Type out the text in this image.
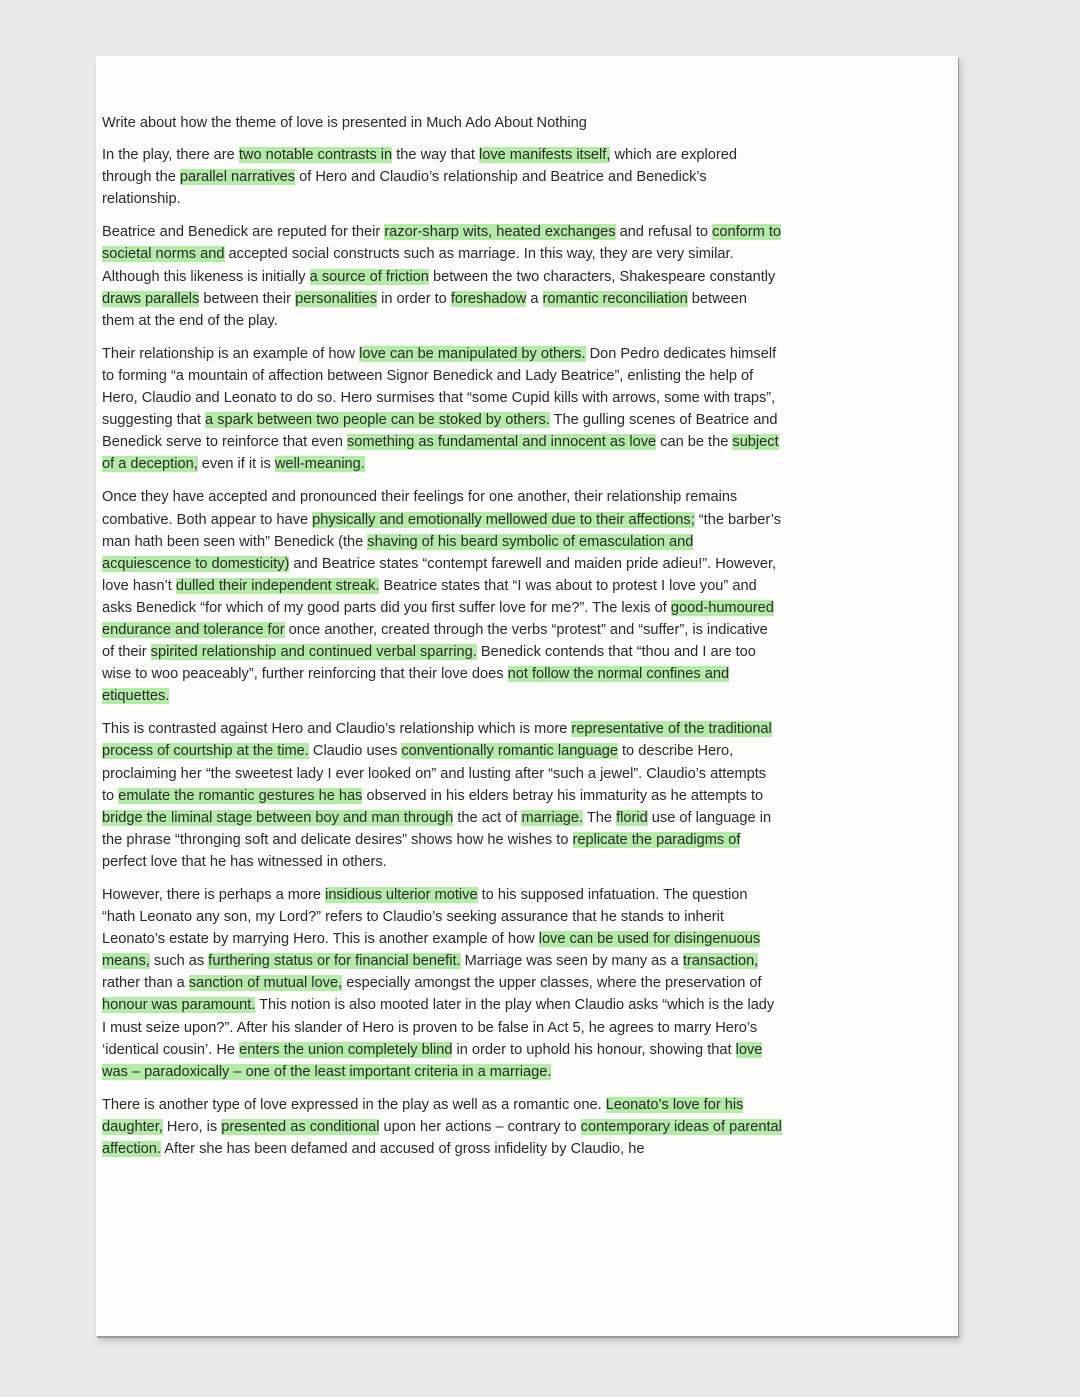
Write about how the theme of love is presented in Much Ado About Nothing

In the play, there are two notable contrasts in the way that love manifests itself, which are explored through the parallel narratives of Hero and Claudio’s relationship and Beatrice and Benedick’s relationship.

Beatrice and Benedick are reputed for their razor-sharp wits, heated exchanges and refusal to conform to societal norms and accepted social constructs such as marriage. In this way, they are very similar. Although this likeness is initially a source of friction between the two characters, Shakespeare constantly draws parallels between their personalities in order to foreshadow a romantic reconciliation between them at the end of the play.

Their relationship is an example of how love can be manipulated by others. Don Pedro dedicates himself to forming “a mountain of affection between Signor Benedick and Lady Beatrice”, enlisting the help of Hero, Claudio and Leonato to do so. Hero surmises that “some Cupid kills with arrows, some with traps”, suggesting that a spark between two people can be stoked by others. The gulling scenes of Beatrice and Benedick serve to reinforce that even something as fundamental and innocent as love can be the subject of a deception, even if it is well-meaning.

Once they have accepted and pronounced their feelings for one another, their relationship remains combative. Both appear to have physically and emotionally mellowed due to their affections; “the barber’s man hath been seen with” Benedick (the shaving of his beard symbolic of emasculation and acquiescence to domesticity) and Beatrice states “contempt farewell and maiden pride adieu!”. However, love hasn’t dulled their independent streak. Beatrice states that “I was about to protest I love you” and asks Benedick “for which of my good parts did you first suffer love for me?”. The lexis of good-humoured endurance and tolerance for once another, created through the verbs “protest” and “suffer”, is indicative of their spirited relationship and continued verbal sparring. Benedick contends that “thou and I are too wise to woo peaceably”, further reinforcing that their love does not follow the normal confines and etiquettes.

This is contrasted against Hero and Claudio’s relationship which is more representative of the traditional process of courtship at the time. Claudio uses conventionally romantic language to describe Hero, proclaiming her “the sweetest lady I ever looked on” and lusting after “such a jewel”. Claudio’s attempts to emulate the romantic gestures he has observed in his elders betray his immaturity as he attempts to bridge the liminal stage between boy and man through the act of marriage. The florid use of language in the phrase “thronging soft and delicate desires” shows how he wishes to replicate the paradigms of perfect love that he has witnessed in others.

However, there is perhaps a more insidious ulterior motive to his supposed infatuation. The question “hath Leonato any son, my Lord?” refers to Claudio’s seeking assurance that he stands to inherit Leonato’s estate by marrying Hero. This is another example of how love can be used for disingenuous means, such as furthering status or for financial benefit. Marriage was seen by many as a transaction, rather than a sanction of mutual love, especially amongst the upper classes, where the preservation of honour was paramount. This notion is also mooted later in the play when Claudio asks “which is the lady I must seize upon?”. After his slander of Hero is proven to be false in Act 5, he agrees to marry Hero’s ‘identical cousin’. He enters the union completely blind in order to uphold his honour, showing that love was – paradoxically – one of the least important criteria in a marriage.

There is another type of love expressed in the play as well as a romantic one. Leonato’s love for his daughter, Hero, is presented as conditional upon her actions – contrary to contemporary ideas of parental affection. After she has been defamed and accused of gross infidelity by Claudio, he
